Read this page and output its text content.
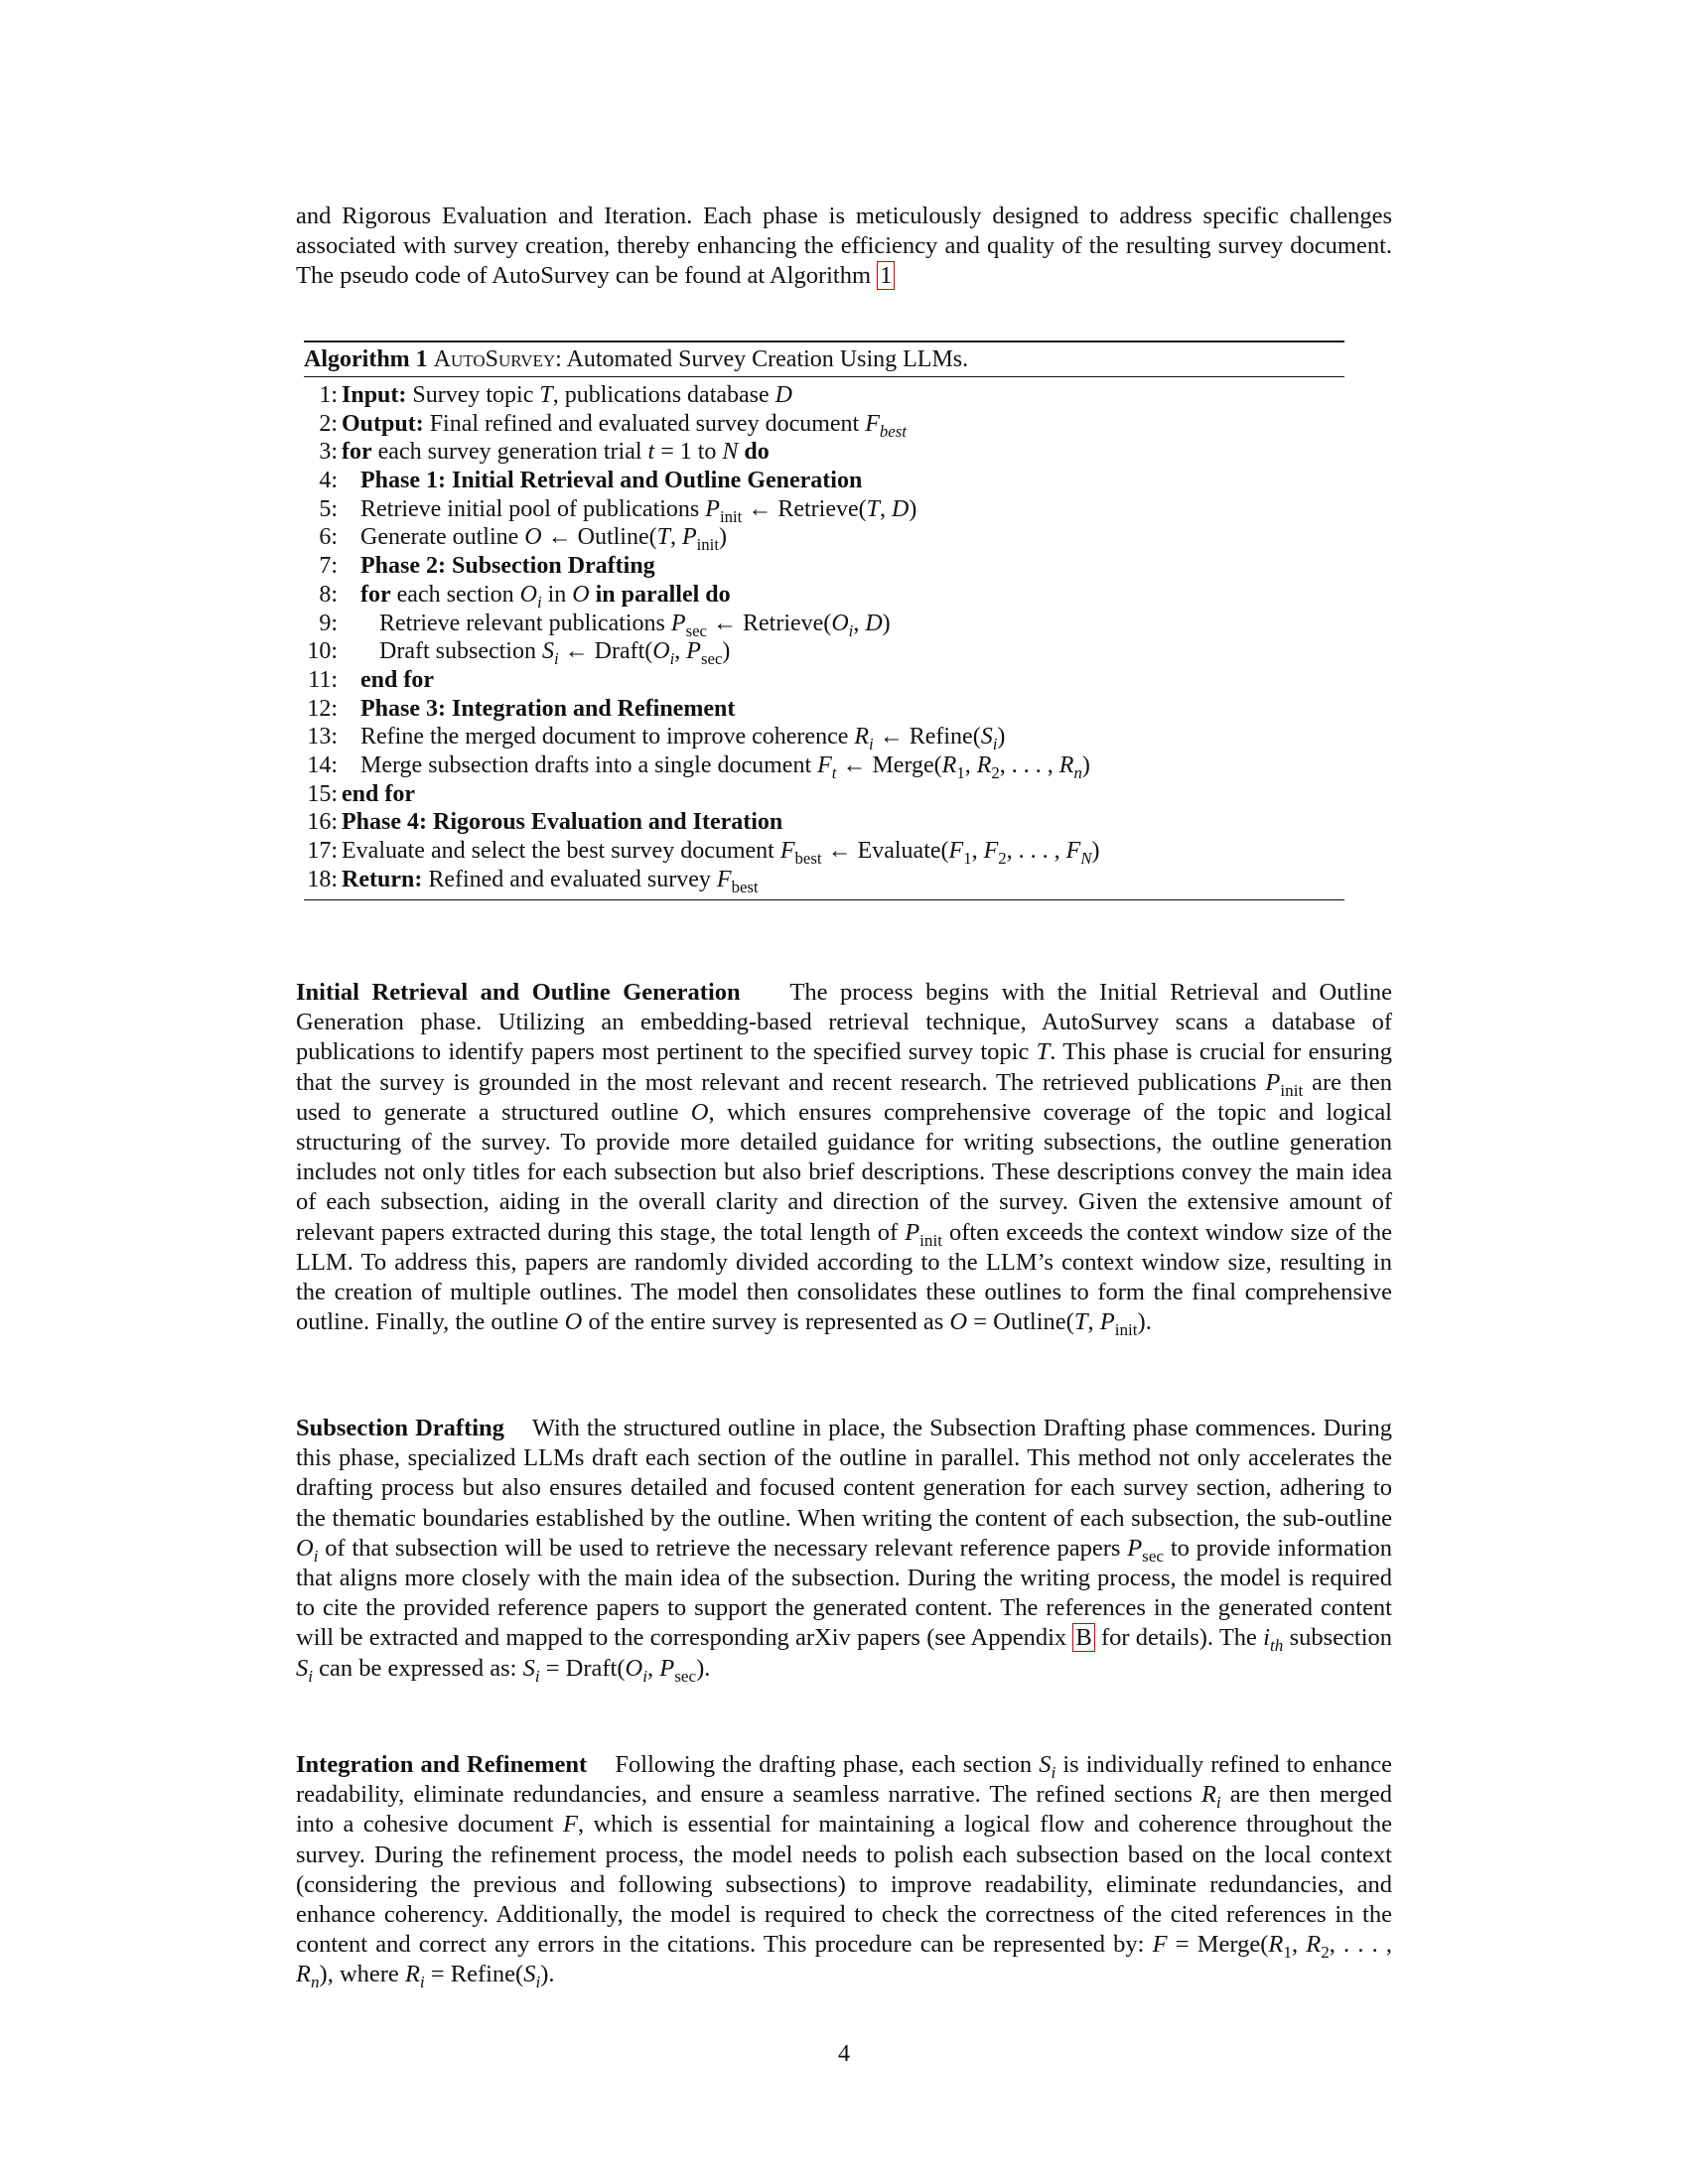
and Rigorous Evaluation and Iteration. Each phase is meticulously designed to address specific challenges associated with survey creation, thereby enhancing the efficiency and quality of the resulting survey document. The pseudo code of AutoSurvey can be found at Algorithm 1

Algorithm 1 AutoSurvey: Automated Survey Creation Using LLMs.
1: Input: Survey topic T, publications database D
2: Output: Final refined and evaluated survey document $F_{best}$
3: for each survey generation trial t = 1 to N do
4: Phase 1: Initial Retrieval and Outline Generation
5: Retrieve initial pool of publications $P_{init}$ ← Retrieve(T, D)
6: Generate outline O ← Outline(T, $P_{init}$)
7: Phase 2: Subsection Drafting
8: for each section $O_i$ in O in parallel do
9: Retrieve relevant publications $P_{sec}$ ← $Retrieve(O_i$, D)
10: Draft subsection $S_i$ ← $Draft(O_i$, $P_{sec}$)
11: end for
12: Phase 3: Integration and Refinement
13: Refine the merged document to improve coherence $R_i$ ← $Refine(S_i)$
14: Merge subsection drafts into a single document $F_t$ ← $Merge(R_1$, $R_2$, . . . , $R_n$)
15: end for
16: Phase 4: Rigorous Evaluation and Iteration
17: Evaluate and select the best survey document $F_{best}$ ← $Evaluate(F_1$, $F_2$, . . . , $F_N$)
18: Return: Refined and evaluated survey $F_{best}$

Initial Retrieval and Outline Generation The process begins with the Initial Retrieval and Outline Generation phase. Utilizing an embedding-based retrieval technique, AutoSurvey scans a database of publications to identify papers most pertinent to the specified survey topic T. This phase is crucial for ensuring that the survey is grounded in the most relevant and recent research. The retrieved publications $P_{init}$ are then used to generate a structured outline O, which ensures comprehensive coverage of the topic and logical structuring of the survey. To provide more detailed guidance for writing subsections, the outline generation includes not only titles for each subsection but also brief descriptions. These descriptions convey the main idea of each subsection, aiding in the overall clarity and direction of the survey. Given the extensive amount of relevant papers extracted during this stage, the total length of $P_{init}$ often exceeds the context window size of the LLM. To address this, papers are randomly divided according to the LLM’s context window size, resulting in the creation of multiple outlines. The model then consolidates these outlines to form the final comprehensive outline. Finally, the outline O of the entire survey is represented as O = Outline(T, $P_{init}$).

Subsection Drafting With the structured outline in place, the Subsection Drafting phase commences. During this phase, specialized LLMs draft each section of the outline in parallel. This method not only accelerates the drafting process but also ensures detailed and focused content generation for each survey section, adhering to the thematic boundaries established by the outline. When writing the content of each subsection, the sub-outline $O_i$ of that subsection will be used to retrieve the necessary relevant reference papers $P_{sec}$ to provide information that aligns more closely with the main idea of the subsection. During the writing process, the model is required to cite the provided reference papers to support the generated content. The references in the generated content will be extracted and mapped to the corresponding arXiv papers (see Appendix B for details). The $i_{th}$ subsection $S_i$ can be expressed as: $S_i$ = $Draft(O_i$, $P_{sec}$).

Integration and Refinement Following the drafting phase, each section $S_i$ is individually refined to enhance readability, eliminate redundancies, and ensure a seamless narrative. The refined sections $R_i$ are then merged into a cohesive document F, which is essential for maintaining a logical flow and coherence throughout the survey. During the refinement process, the model needs to polish each subsection based on the local context (considering the previous and following subsections) to improve readability, eliminate redundancies, and enhance coherency. Additionally, the model is required to check the correctness of the cited references in the content and correct any errors in the citations. This procedure can be represented by: $F = Merge(R_1$, $R_2$, . . . , $R_n$), where $R_i$ = $Refine(S_i)$.

4
